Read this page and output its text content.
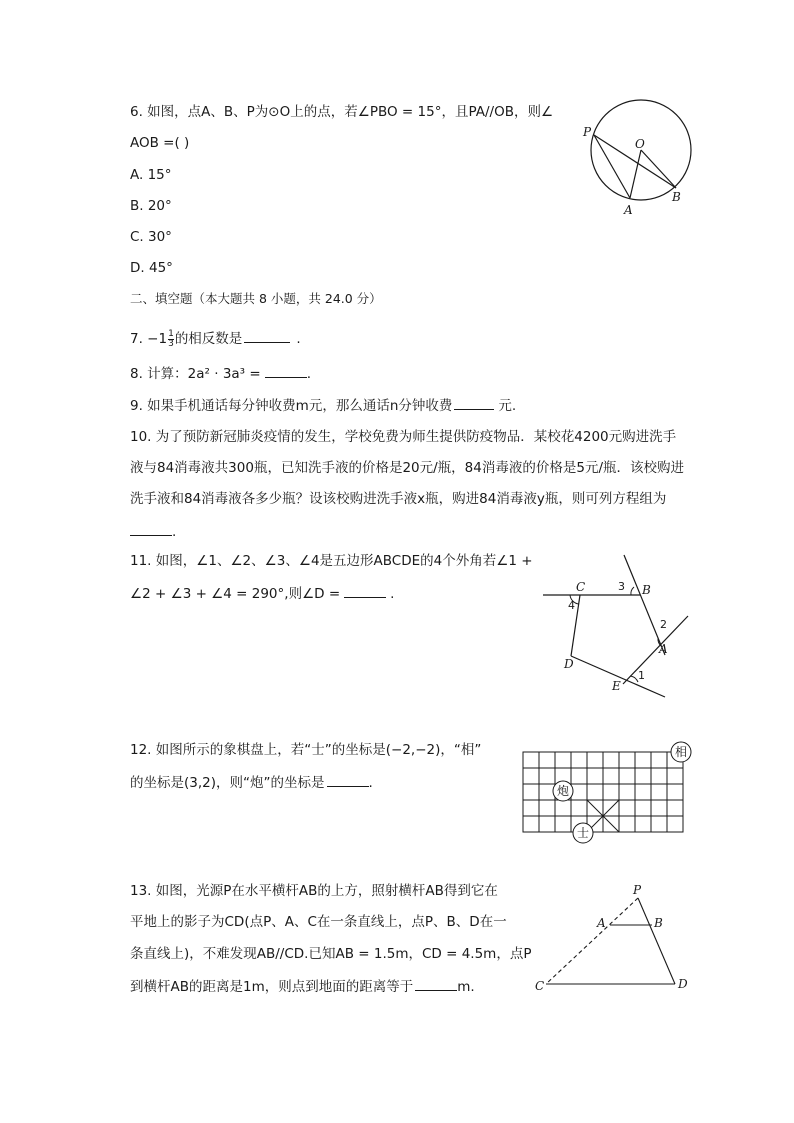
6. 如图，点A、B、P为⊙O上的点，若∠PBO = 15°，且PA//OB，则∠
AOB =( )
A. 15°
B. 20°
C. 30°
D. 45°
P
O
A
B
二、填空题（本大题共 8 小题，共 24.0 分）
7. $-1 \frac{1}{3}$ 的相反数是	.
8. 计算：2a² · 3a³ =	.
9. 如果手机通话每分钟收费m元，那么通话n分钟收费	元.
10. 为了预防新冠肺炎疫情的发生，学校免费为师生提供防疫物品．某校花4200元购进洗手
液与84消毒液共300瓶，已知洗手液的价格是20元/瓶，84消毒液的价格是5元/瓶．该校购进
洗手液和84消毒液各多少瓶？设该校购进洗手液x瓶，购进84消毒液y瓶，则可列方程组为
.
11. 如图，∠1、∠2、∠3、∠4是五边形ABCDE的4个外角若∠1 +
∠2 + ∠3 + ∠4 = 290°,则∠D =	.	C	B
A
D
E
1
2
3
4
12. 如图所示的象棋盘上，若“士”的坐标是(−2,−2)，“相”
的坐标是(3,2)，则“炮”的坐标是	.
相
炮
士
13. 如图，光源P在水平横杆AB的上方，照射横杆AB得到它在
平地上的影子为CD(点P、A、C在一条直线上，点P、B、D在一
条直线上)，不难发现AB//CD.已知AB = 1.5m，CD = 4.5m，点P
到横杆AB的距离是1m，则点到地面的距离等于	m.
P
A	B
C	D
